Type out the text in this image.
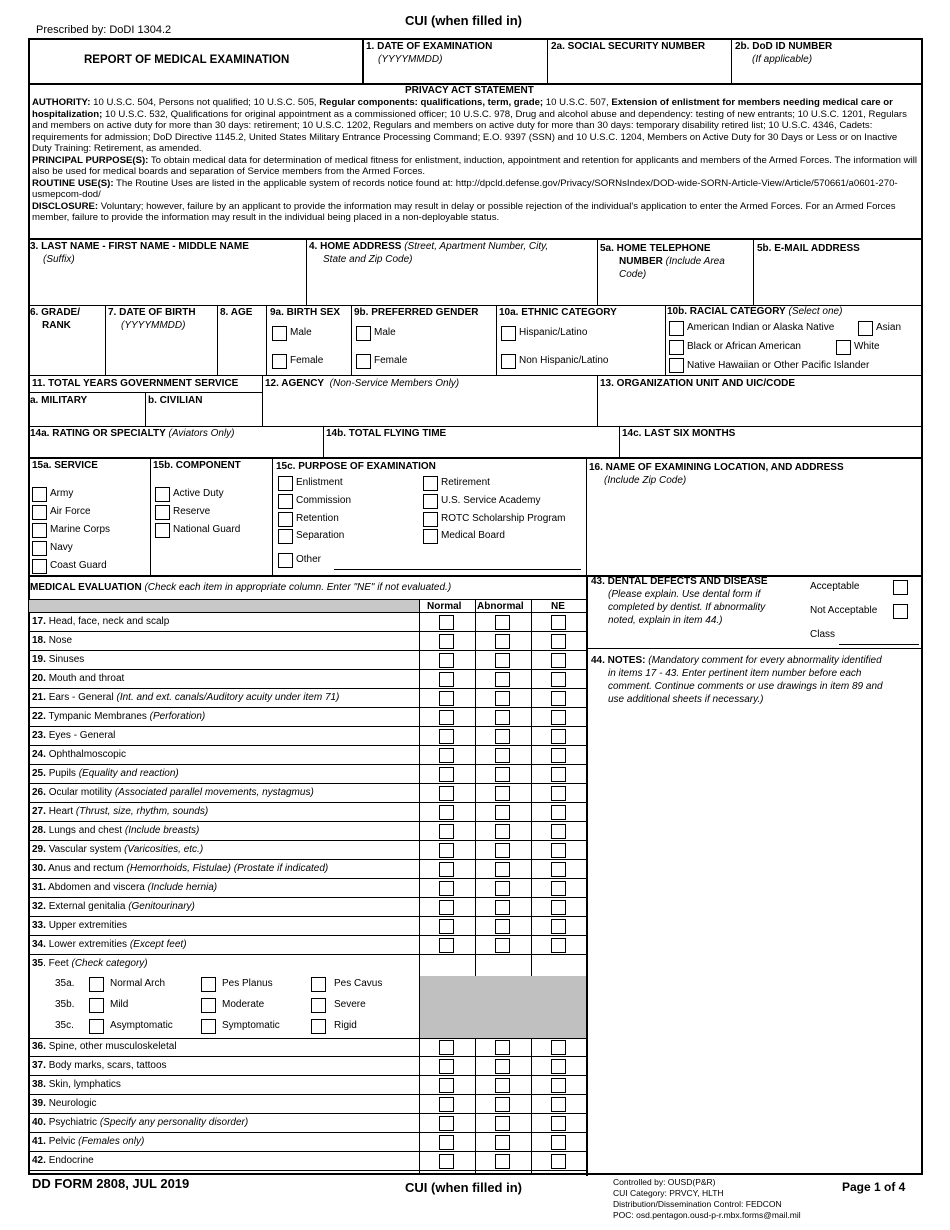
Prescribed by: DoDI 1304.2
CUI (when filled in)
REPORT OF MEDICAL EXAMINATION
1. DATE OF EXAMINATION
(YYYYMMDD)
2a. SOCIAL SECURITY NUMBER	2b. DoD ID NUMBER
(If applicable)
PRIVACY ACT STATEMENT

AUTHORITY: 10 U.S.C. 504, Persons not qualified; 10 U.S.C. 505, Regular components: qualifications, term, grade; 10 U.S.C. 507, Extension of enlistment for members needing medical care or hospitalization; 10 U.S.C. 532, Qualifications for original appointment as a commissioned officer; 10 U.S.C. 978, Drug and alcohol abuse and dependency: testing of new entrants; 10 U.S.C. 1201, Regulars and members on active duty for more than 30 days: retirement; 10 U.S.C. 1202, Regulars and members on active duty for more than 30 days: temporary disability retired list; 10 U.S.C. 4346, Cadets: requirements for admission; DoD Directive 1145.2, United States Military Entrance Processing Command; E.O. 9397 (SSN) and 10 U.S.C. 1204, Members on Active Duty for 30 Days or Less or on Inactive Duty Training: Retirement, as amended.

PRINCIPAL PURPOSE(S): To obtain medical data for determination of medical fitness for enlistment, induction, appointment and retention for applicants and members of the Armed Forces. The information will also be used for medical boards and separation of Service members from the Armed Forces.

ROUTINE USE(S): The Routine Uses are listed in the applicable system of records notice found at: http://dpcld.defense.gov/Privacy/SORNsIndex/DOD-wide-SORN-Article-View/Article/570661/a0601-270-usmepcom-dod/

DISCLOSURE: Voluntary; however, failure by an applicant to provide the information may result in delay or possible rejection of the individual's application to enter the Armed Forces. For an Armed Forces member, failure to provide the information may result in the individual being placed in a non-deployable status.

3. LAST NAME - FIRST NAME - MIDDLE NAME
(Suffix)
4. HOME ADDRESS (Street, Apartment Number, City,
State and Zip Code)
5a. HOME TELEPHONE
NUMBER (Include Area
Code)
5b. E-MAIL ADDRESS
6. GRADE/
RANK
7. DATE OF BIRTH
(YYYYMMDD)
8. AGE 9a. BIRTH SEX
Male
Female
9b. PREFERRED GENDER
Male
Female
10a. ETHNIC CATEGORY
Hispanic/Latino
Non Hispanic/Latino
10b. RACIAL CATEGORY (Select one)
American Indian or Alaska Native	Asian
Black or African American	White
Native Hawaiian or Other Pacific Islander
11. TOTAL YEARS GOVERNMENT SERVICE
a. MILITARY	b. CIVILIAN
12. AGENCY (Non-Service Members Only)	13. ORGANIZATION UNIT AND UIC/CODE
14a. RATING OR SPECIALTY (Aviators Only)	14b. TOTAL FLYING TIME	14c. LAST SIX MONTHS
15a. SERVICE
Army
Air Force
Marine Corps
Navy
Coast Guard
15b. COMPONENT
Active Duty
Reserve
National Guard
15c. PURPOSE OF EXAMINATION
Enlistment
Commission
Retention
Separation
Other
Retirement
U.S. Service Academy
ROTC Scholarship Program
Medical Board
16. NAME OF EXAMINING LOCATION, AND ADDRESS
(Include Zip Code)
MEDICAL EVALUATION (Check each item in appropriate column. Enter "NE" if not evaluated.)
Normal Abnormal	NE
17. Head, face, neck and scalp
18. Nose
19. Sinuses
20. Mouth and throat
21. Ears - General (Int. and ext. canals/Auditory acuity under item 71)
22. Tympanic Membranes (Perforation)
23. Eyes - General
24. Ophthalmoscopic
25. Pupils (Equality and reaction)
26. Ocular motility (Associated parallel movements, nystagmus)
27. Heart (Thrust, size, rhythm, sounds)
28. Lungs and chest (Include breasts)
29. Vascular system (Varicosities, etc.)
30. Anus and rectum (Hemorrhoids, Fistulae) (Prostate if indicated)
31. Abdomen and viscera (Include hernia)
32. External genitalia (Genitourinary)
33. Upper extremities
34. Lower extremities (Except feet)
35. Feet (Check category)
35a.	Normal Arch	Pes Planus	Pes Cavus
35b.	Mild	Moderate	Severe
35c.	Asymptomatic	Symptomatic	Rigid
36. Spine, other musculoskeletal
37. Body marks, scars, tattoos
38. Skin, lymphatics
39. Neurologic
40. Psychiatric (Specify any personality disorder)
41. Pelvic (Females only)
42. Endocrine
43. DENTAL DEFECTS AND DISEASE
(Please explain. Use dental form if
completed by dentist. If abnormality
noted, explain in item 44.)
Acceptable
Not Acceptable
Class
44. NOTES: (Mandatory comment for every abnormality identified
in items 17 - 43. Enter pertinent item number before each
comment. Continue comments or use drawings in item 89 and
use additional sheets if necessary.)
DD FORM 2808, JUL 2019	CUI (when filled in)	Controlled by: OUSD(P&R)
CUI Category: PRVCY, HLTH
Distribution/Dissemination Control: FEDCON
POC: osd.pentagon.ousd-p-r.mbx.forms@mail.mil
Page 1 of 4
